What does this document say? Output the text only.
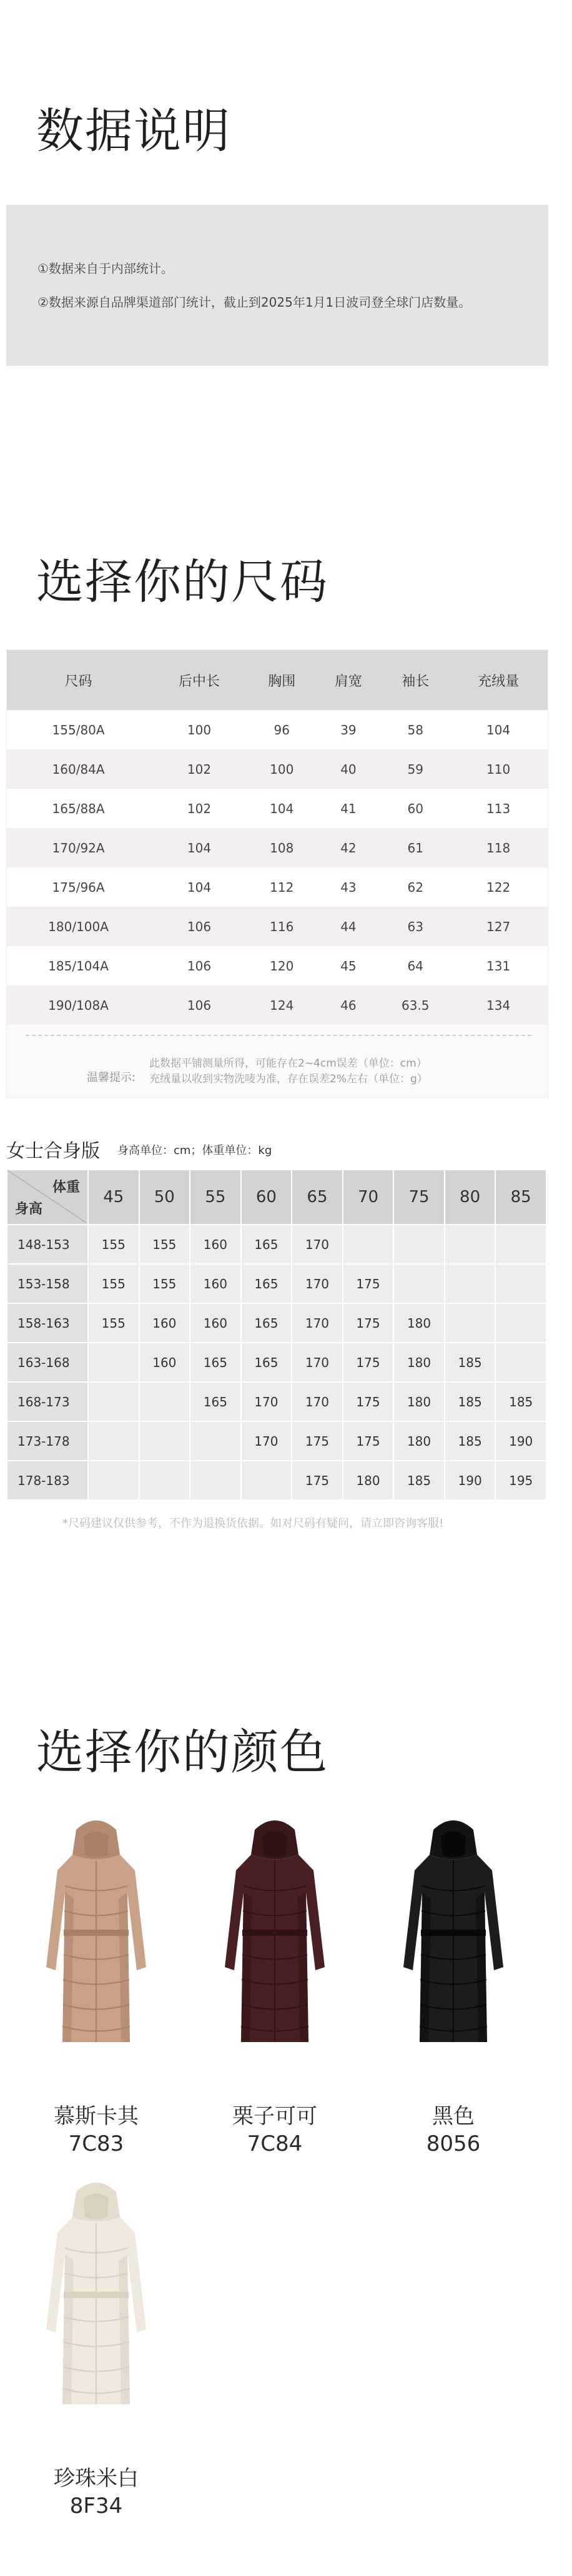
数据说明

①数据来自于内部统计。

②数据来源自品牌渠道部门统计，截止到2025年1月1日波司登全球门店数量。

选择你的尺码
尺码	后中长	胸围	肩宽	袖长	充绒量
155/80A	100	96	39	58	104
160/84A	102	100	40	59	110
165/88A	102	104	41	60	113
170/92A	104	108	42	61	118
175/96A	104	112	43	62	122
180/100A	106	116	44	63	127
185/104A	106	120	45	64	131
190/108A	106	124	46	63.5	134
温馨提示:
此数据平铺测量所得，可能存在2~4cm误差（单位：cm）
充绒量以收到实物洗唛为准，存在误差2%左右（单位：g）
女士合身版 身高单位：cm；体重单位：kg
体重
身高	45	50	55	60	65	70	75	80	85
148-153	155	155	160	165	170				
153-158	155	155	160	165	170	175			
158-163	155	160	160	165	170	175	180		
163-168		160	165	165	170	175	180	185	
168-173			165	170	170	175	180	185	185
173-178				170	175	175	180	185	190
178-183					175	180	185	190	195
*尺码建议仅供参考，不作为退换货依据。如对尺码有疑问，请立即咨询客服!
选择你的颜色
慕斯卡其
7C83
栗子可可
7C84
黑色
8056
珍珠米白
8F34
